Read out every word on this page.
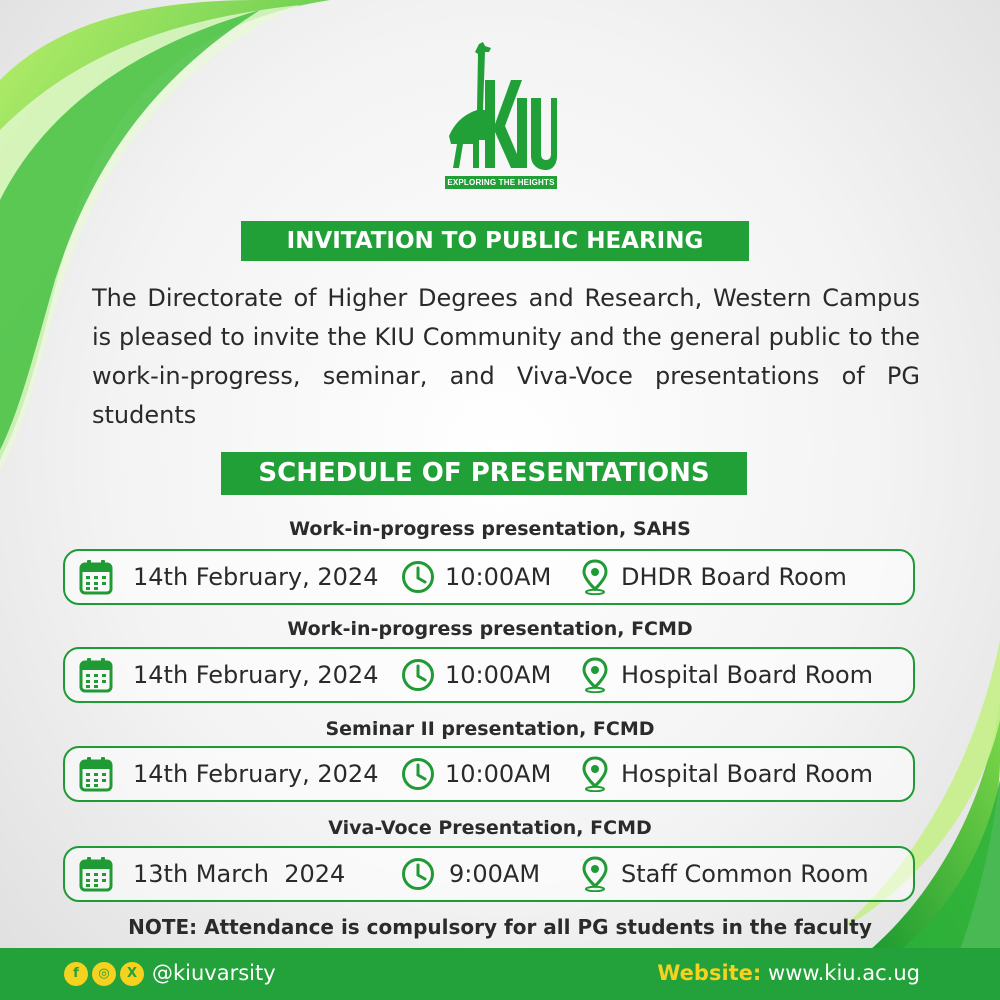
EXPLORING THE HEIGHTS
INVITATION TO PUBLIC HEARING
The Directorate of Higher Degrees and Research, Western Campus is pleased to invite the KIU Community and the general public to the work-in-progress, seminar, and Viva-Voce presentations of PG students
SCHEDULE OF PRESENTATIONS
Work-in-progress presentation, SAHS
14th February, 2024	10:00AM	DHDR Board Room
Work-in-progress presentation, FCMD
14th February, 2024	10:00AM	Hospital Board Room
Seminar II presentation, FCMD
14th February, 2024	10:00AM	Hospital Board Room
Viva-Voce Presentation, FCMD
13th March  2024	9:00AM	Staff Common Room
NOTE: Attendance is compulsory for all PG students in the faculty
f	◎	X @kiuvarsity	Website: www.kiu.ac.ug
